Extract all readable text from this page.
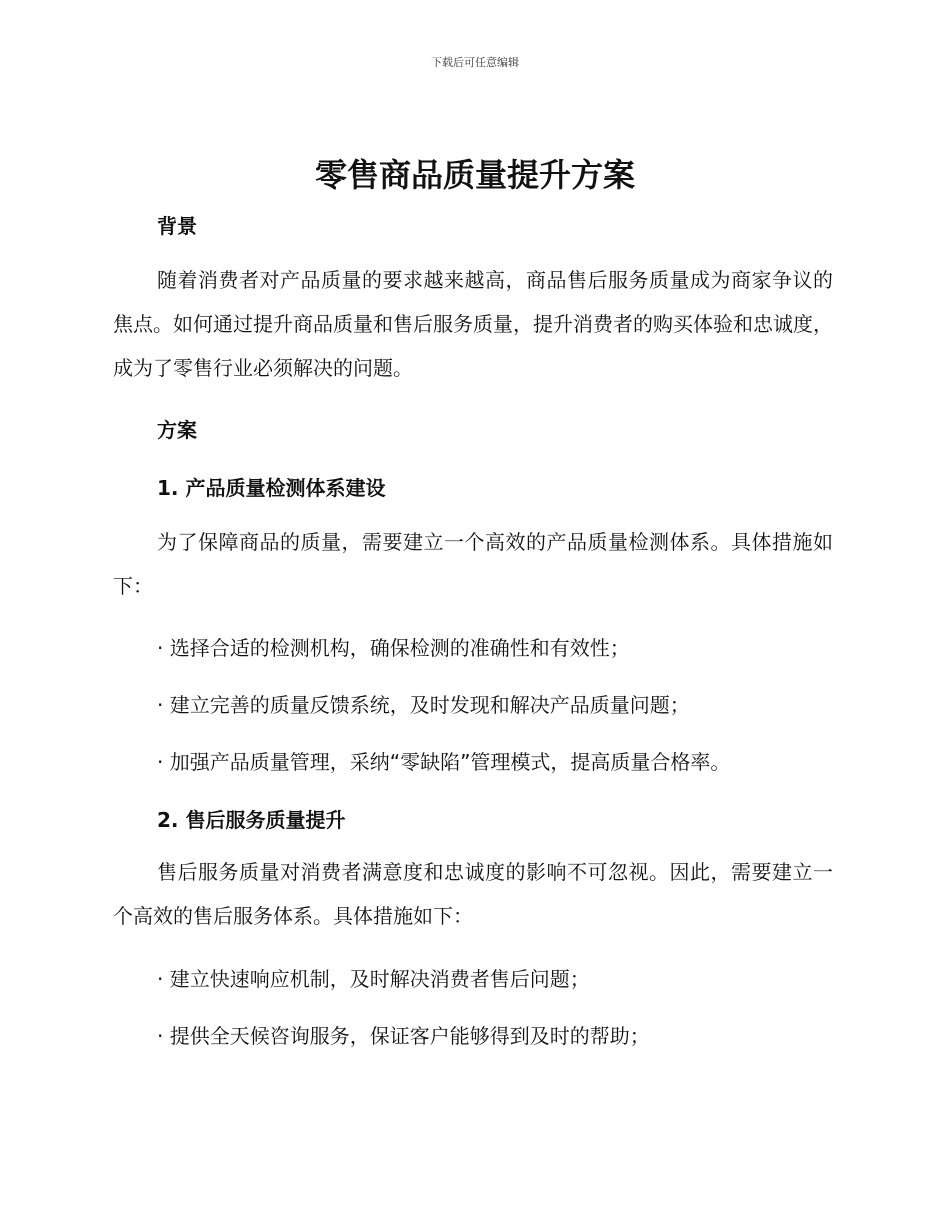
下载后可任意编辑
零售商品质量提升方案
背景

随着消费者对产品质量的要求越来越高，商品售后服务质量成为商家争议的焦点。如何通过提升商品质量和售后服务质量，提升消费者的购买体验和忠诚度，成为了零售行业必须解决的问题。

方案
1. 产品质量检测体系建设

为了保障商品的质量，需要建立一个高效的产品质量检测体系。具体措施如下：

· 选择合适的检测机构，确保检测的准确性和有效性；

· 建立完善的质量反馈系统，及时发现和解决产品质量问题；

· 加强产品质量管理，采纳“零缺陷”管理模式，提高质量合格率。

2. 售后服务质量提升

售后服务质量对消费者满意度和忠诚度的影响不可忽视。因此，需要建立一个高效的售后服务体系。具体措施如下：

· 建立快速响应机制，及时解决消费者售后问题；

· 提供全天候咨询服务，保证客户能够得到及时的帮助；
